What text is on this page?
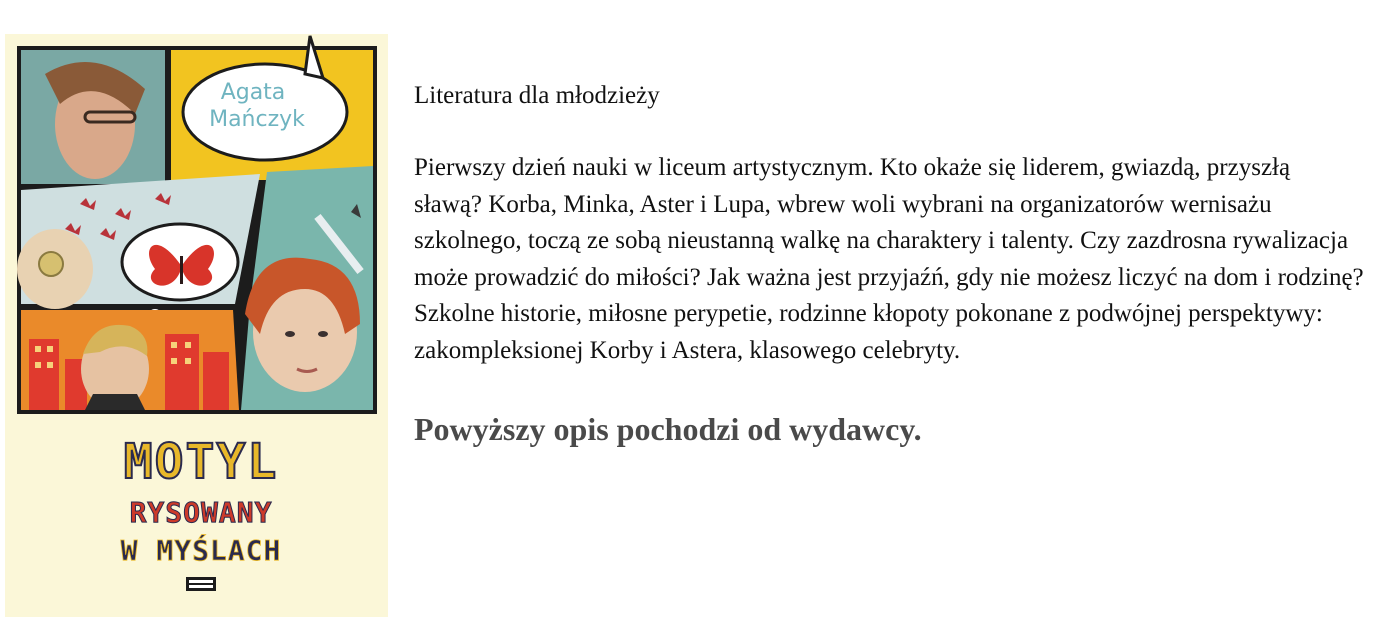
Agata
Mańczyk
MOTYL
RYSOWANY
W MYŚLACH

Literatura dla młodzieży

Pierwszy dzień nauki w liceum artystycznym. Kto okaże się liderem, gwiazdą, przyszłą sławą? Korba, Minka, Aster i Lupa, wbrew woli wybrani na organizatorów wernisażu szkolnego, toczą ze sobą nieustanną walkę na charaktery i talenty. Czy zazdrosna rywalizacja może prowadzić do miłości? Jak ważna jest przyjaźń, gdy nie możesz liczyć na dom i rodzinę?

Szkolne historie, miłosne perypetie, rodzinne kłopoty pokonane z podwójnej perspektywy: zakompleksionej Korby i Astera, klasowego celebryty.

Powyższy opis pochodzi od wydawcy.
